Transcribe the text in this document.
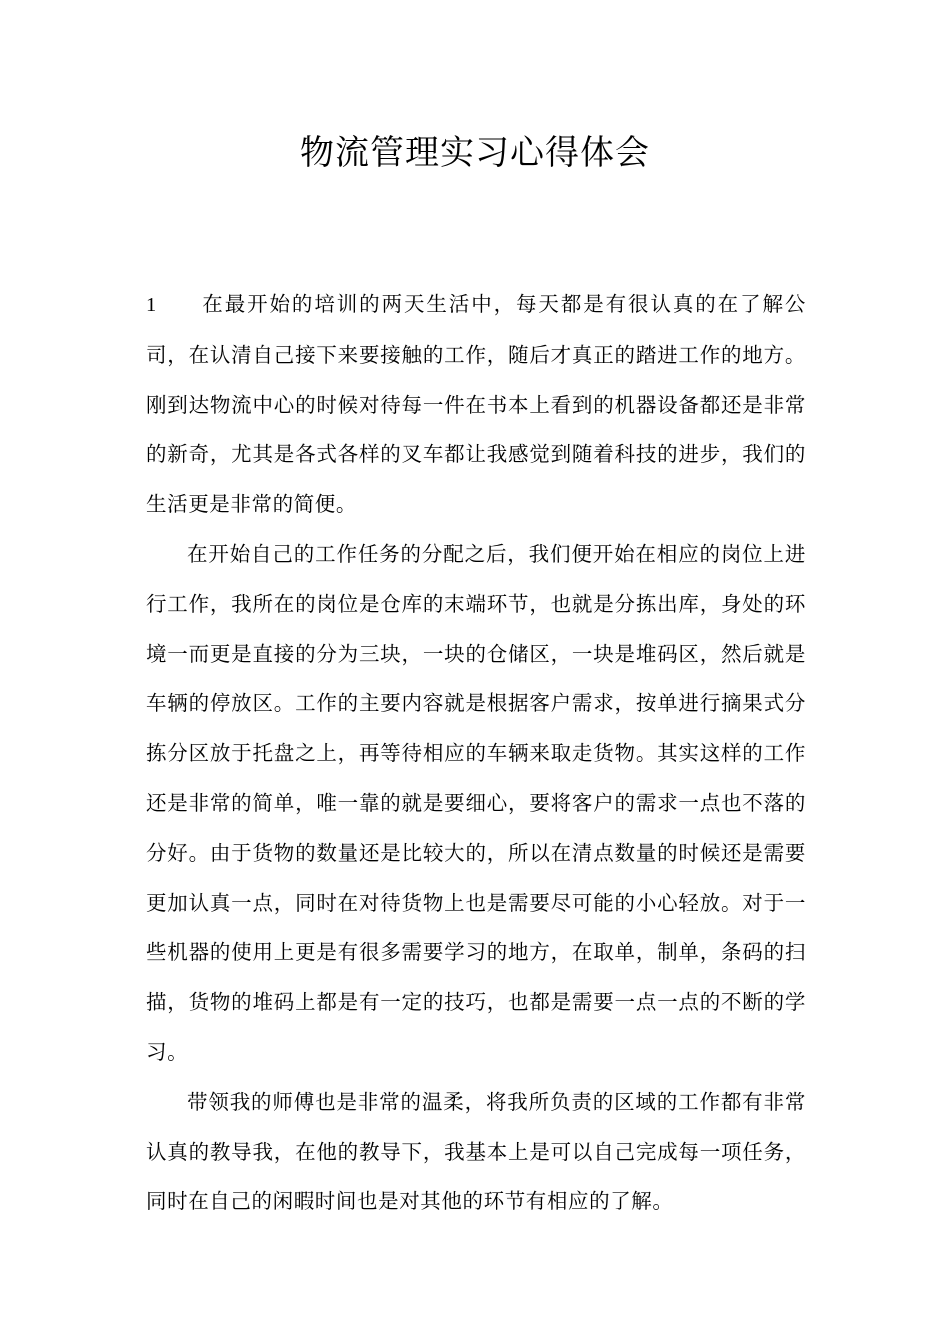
物流管理实习心得体会

1 在最开始的培训的两天生活中，每天都是有很认真的在了解公司，在认清自己接下来要接触的工作，随后才真正的踏进工作的地方。刚到达物流中心的时候对待每一件在书本上看到的机器设备都还是非常的新奇，尤其是各式各样的叉车都让我感觉到随着科技的进步，我们的生活更是非常的简便。

在开始自己的工作任务的分配之后，我们便开始在相应的岗位上进行工作，我所在的岗位是仓库的末端环节，也就是分拣出库，身处的环境一而更是直接的分为三块，一块的仓储区，一块是堆码区，然后就是车辆的停放区。工作的主要内容就是根据客户需求，按单进行摘果式分拣分区放于托盘之上，再等待相应的车辆来取走货物。其实这样的工作还是非常的简单，唯一靠的就是要细心，要将客户的需求一点也不落的分好。由于货物的数量还是比较大的，所以在清点数量的时候还是需要更加认真一点，同时在对待货物上也是需要尽可能的小心轻放。对于一些机器的使用上更是有很多需要学习的地方，在取单，制单，条码的扫描，货物的堆码上都是有一定的技巧，也都是需要一点一点的不断的学习。

带领我的师傅也是非常的温柔，将我所负责的区域的工作都有非常认真的教导我，在他的教导下，我基本上是可以自己完成每一项任务，同时在自己的闲暇时间也是对其他的环节有相应的了解。
